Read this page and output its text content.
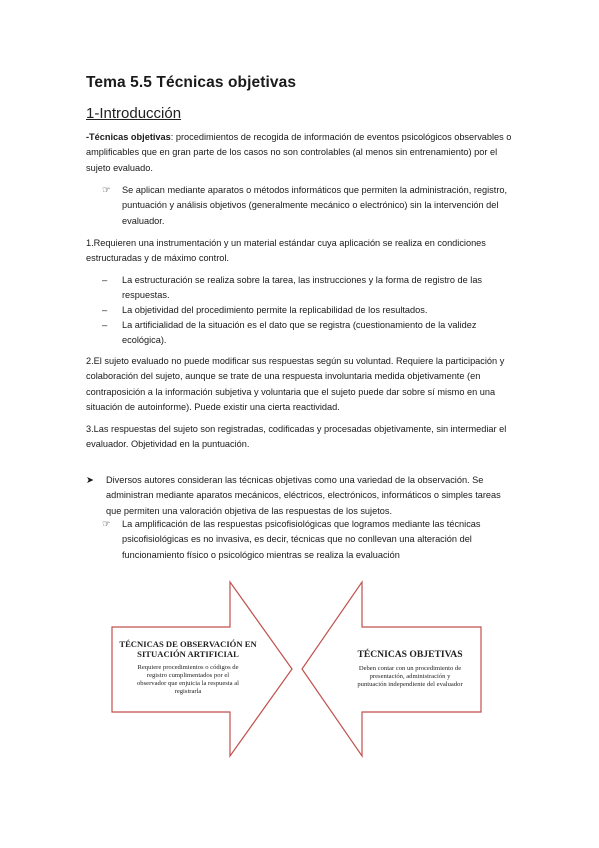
Tema 5.5 Técnicas objetivas
1-Introducción
-Técnicas objetivas: procedimientos de recogida de información de eventos psicológicos observables o amplificables que en gran parte de los casos no son controlables (al menos sin entrenamiento) por el sujeto evaluado.
☞ Se aplican mediante aparatos o métodos informáticos que permiten la administración, registro, puntuación y análisis objetivos (generalmente mecánico o electrónico) sin la intervención del evaluador.
1.Requieren una instrumentación y un material estándar cuya aplicación se realiza en condiciones estructuradas y de máximo control.
– La estructuración se realiza sobre la tarea, las instrucciones y la forma de registro de las respuestas.
– La objetividad del procedimiento permite la replicabilidad de los resultados.
– La artificialidad de la situación es el dato que se registra (cuestionamiento de la validez ecológica).
2.El sujeto evaluado no puede modificar sus respuestas según su voluntad. Requiere la participación y colaboración del sujeto, aunque se trate de una respuesta involuntaria medida objetivamente (en contraposición a la información subjetiva y voluntaria que el sujeto puede dar sobre sí mismo en una situación de autoinforme). Puede existir una cierta reactividad.
3.Las respuestas del sujeto son registradas, codificadas y procesadas objetivamente, sin intermediar el evaluador. Objetividad en la puntuación.
➤ Diversos autores consideran las técnicas objetivas como una variedad de la observación. Se administran mediante aparatos mecánicos, eléctricos, electrónicos, informáticos o simples tareas que permiten una valoración objetiva de las respuestas de los sujetos.
☞ La amplificación de las respuestas psicofisiológicas que logramos mediante las técnicas psicofisiológicas es no invasiva, es decir, técnicas que no conllevan una alteración del funcionamiento físico o psicológico mientras se realiza la evaluación
TÉCNICAS DE OBSERVACIÓN EN
SITUACIÓN ARTIFICIAL
Requiere procedimientos o códigos de
registro cumplimentados por el
observador que enjuicia la respuesta al
registrarla
TÉCNICAS OBJETIVAS
Deben contar con un procedimiento de
presentación, administración y
puntuación independiente del evaluador
